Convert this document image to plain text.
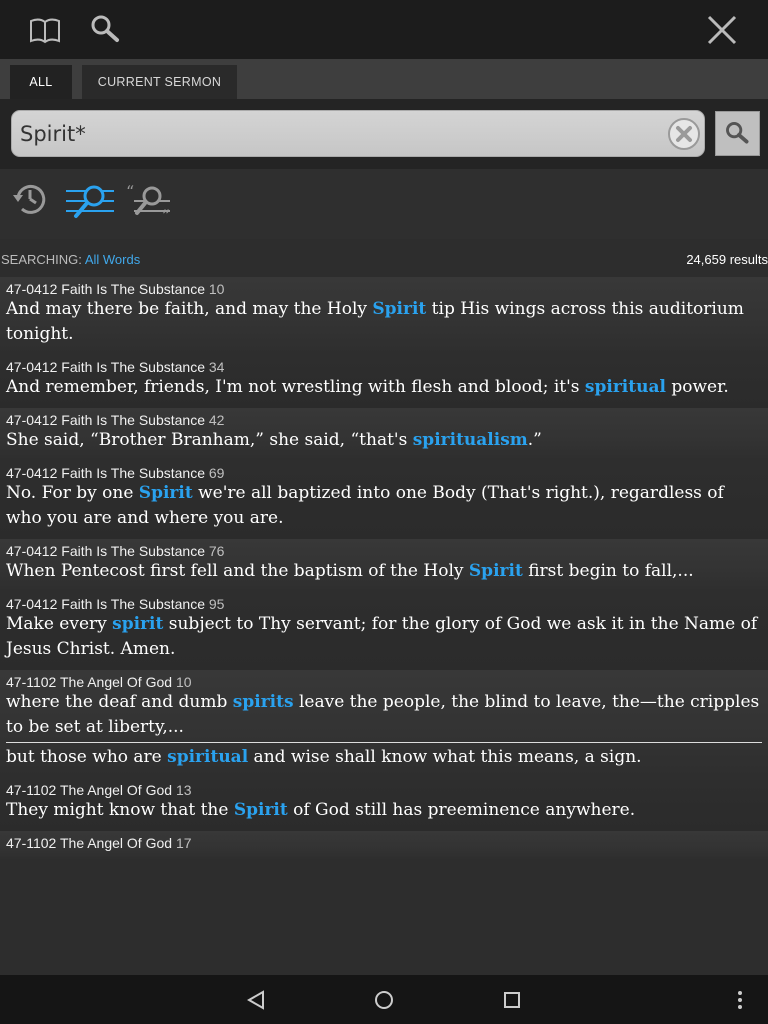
ALL	CURRENT SERMON
Spirit*
“
”
SEARCHING: All Words	24,659 results
47-0412 Faith Is The Substance 10
And may there be faith, and may the Holy Spirit tip His wings across this auditorium tonight.
47-0412 Faith Is The Substance 34
And remember, friends, I'm not wrestling with flesh and blood; it's spiritual power.
47-0412 Faith Is The Substance 42
She said, “Brother Branham,” she said, “that's spiritualism.”
47-0412 Faith Is The Substance 69
No. For by one Spirit we're all baptized into one Body (That's right.), regardless of who you are and where you are.
47-0412 Faith Is The Substance 76
When Pentecost first fell and the baptism of the Holy Spirit first begin to fall,...
47-0412 Faith Is The Substance 95
Make every spirit subject to Thy servant; for the glory of God we ask it in the Name of Jesus Christ. Amen.
47-1102 The Angel Of God 10
where the deaf and dumb spirits leave the people, the blind to leave, the—the cripples to be set at liberty,...
but those who are spiritual and wise shall know what this means, a sign.
47-1102 The Angel Of God 13
They might know that the Spirit of God still has preeminence anywhere.
47-1102 The Angel Of God 17
